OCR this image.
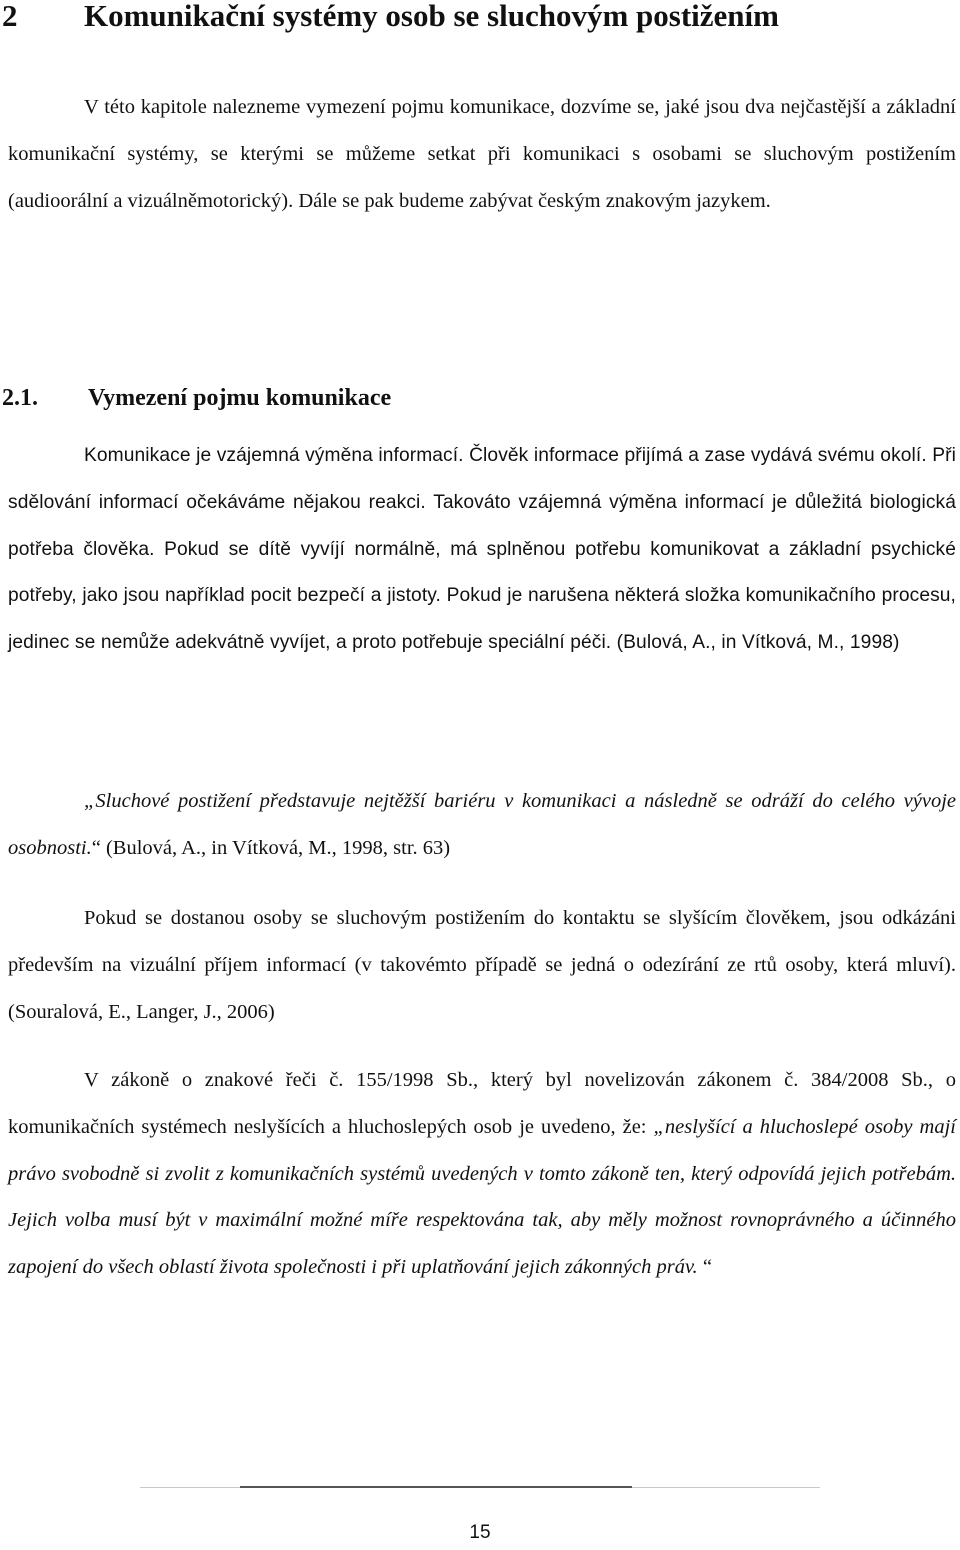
2 Komunikační systémy osob se sluchovým postižením

V této kapitole nalezneme vymezení pojmu komunikace, dozvíme se, jaké jsou dva nejčastější a základní komunikační systémy, se kterými se můžeme setkat při komunikaci s osobami se sluchovým postižením (audioorální a vizuálněmotorický). Dále se pak budeme zabývat českým znakovým jazykem.

2.1. Vymezení pojmu komunikace

Komunikace je vzájemná výměna informací. Člověk informace přijímá a zase vydává svému okolí. Při sdělování informací očekáváme nějakou reakci. Takováto vzájemná výměna informací je důležitá biologická potřeba člověka. Pokud se dítě vyvíjí normálně, má splněnou potřebu komunikovat a základní psychické potřeby, jako jsou například pocit bezpečí a jistoty. Pokud je narušena některá složka komunikačního procesu, jedinec se nemůže adekvátně vyvíjet, a proto potřebuje speciální péči. (Bulová, A., in Vítková, M., 1998)

„Sluchové postižení představuje nejtěžší bariéru v komunikaci a následně se odráží do celého vývoje osobnosti.“ (Bulová, A., in Vítková, M., 1998, str. 63)

Pokud se dostanou osoby se sluchovým postižením do kontaktu se slyšícím člověkem, jsou odkázáni především na vizuální příjem informací (v takovémto případě se jedná o odezírání ze rtů osoby, která mluví). (Souralová, E., Langer, J., 2006)

V zákoně o znakové řeči č. 155/1998 Sb., který byl novelizován zákonem č. 384/2008 Sb., o komunikačních systémech neslyšících a hluchoslepých osob je uvedeno, že: „neslyšící a hluchoslepé osoby mají právo svobodně si zvolit z komunikačních systémů uvedených v tomto zákoně ten, který odpovídá jejich potřebám. Jejich volba musí být v maximální možné míře respektována tak, aby měly možnost rovnoprávného a účinného zapojení do všech oblastí života společnosti i při uplatňování jejich zákonných práv. “

15
